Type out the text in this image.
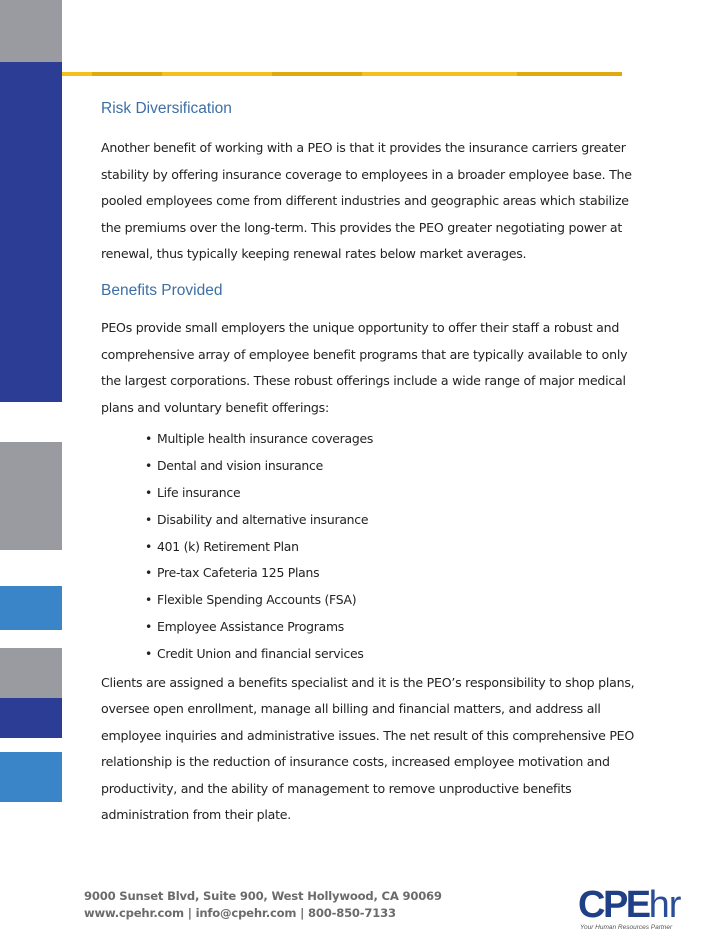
Risk Diversification

Another benefit of working with a PEO is that it provides the insurance carriers greater stability by offering insurance coverage to employees in a broader employee base. The pooled employees come from different industries and geographic areas which stabilize the premiums over the long-term. This provides the PEO greater negotiating power at renewal, thus typically keeping renewal rates below market averages.

Benefits Provided

PEOs provide small employers the unique opportunity to offer their staff a robust and comprehensive array of employee benefit programs that are typically available to only the largest corporations. These robust offerings include a wide range of major medical plans and voluntary benefit offerings:

• Multiple health insurance coverages
• Dental and vision insurance
• Life insurance
• Disability and alternative insurance
• 401 (k) Retirement Plan
• Pre-tax Cafeteria 125 Plans
• Flexible Spending Accounts (FSA)
• Employee Assistance Programs
• Credit Union and financial services

Clients are assigned a benefits specialist and it is the PEO’s responsibility to shop plans, oversee open enrollment, manage all billing and financial matters, and address all employee inquiries and administrative issues. The net result of this comprehensive PEO relationship is the reduction of insurance costs, increased employee motivation and productivity, and the ability of management to remove unproductive benefits administration from their plate.

9000 Sunset Blvd, Suite 900, West Hollywood, CA 90069
www.cpehr.com | info@cpehr.com | 800-850-7133	CPEhr
Your Human Resources Partner
